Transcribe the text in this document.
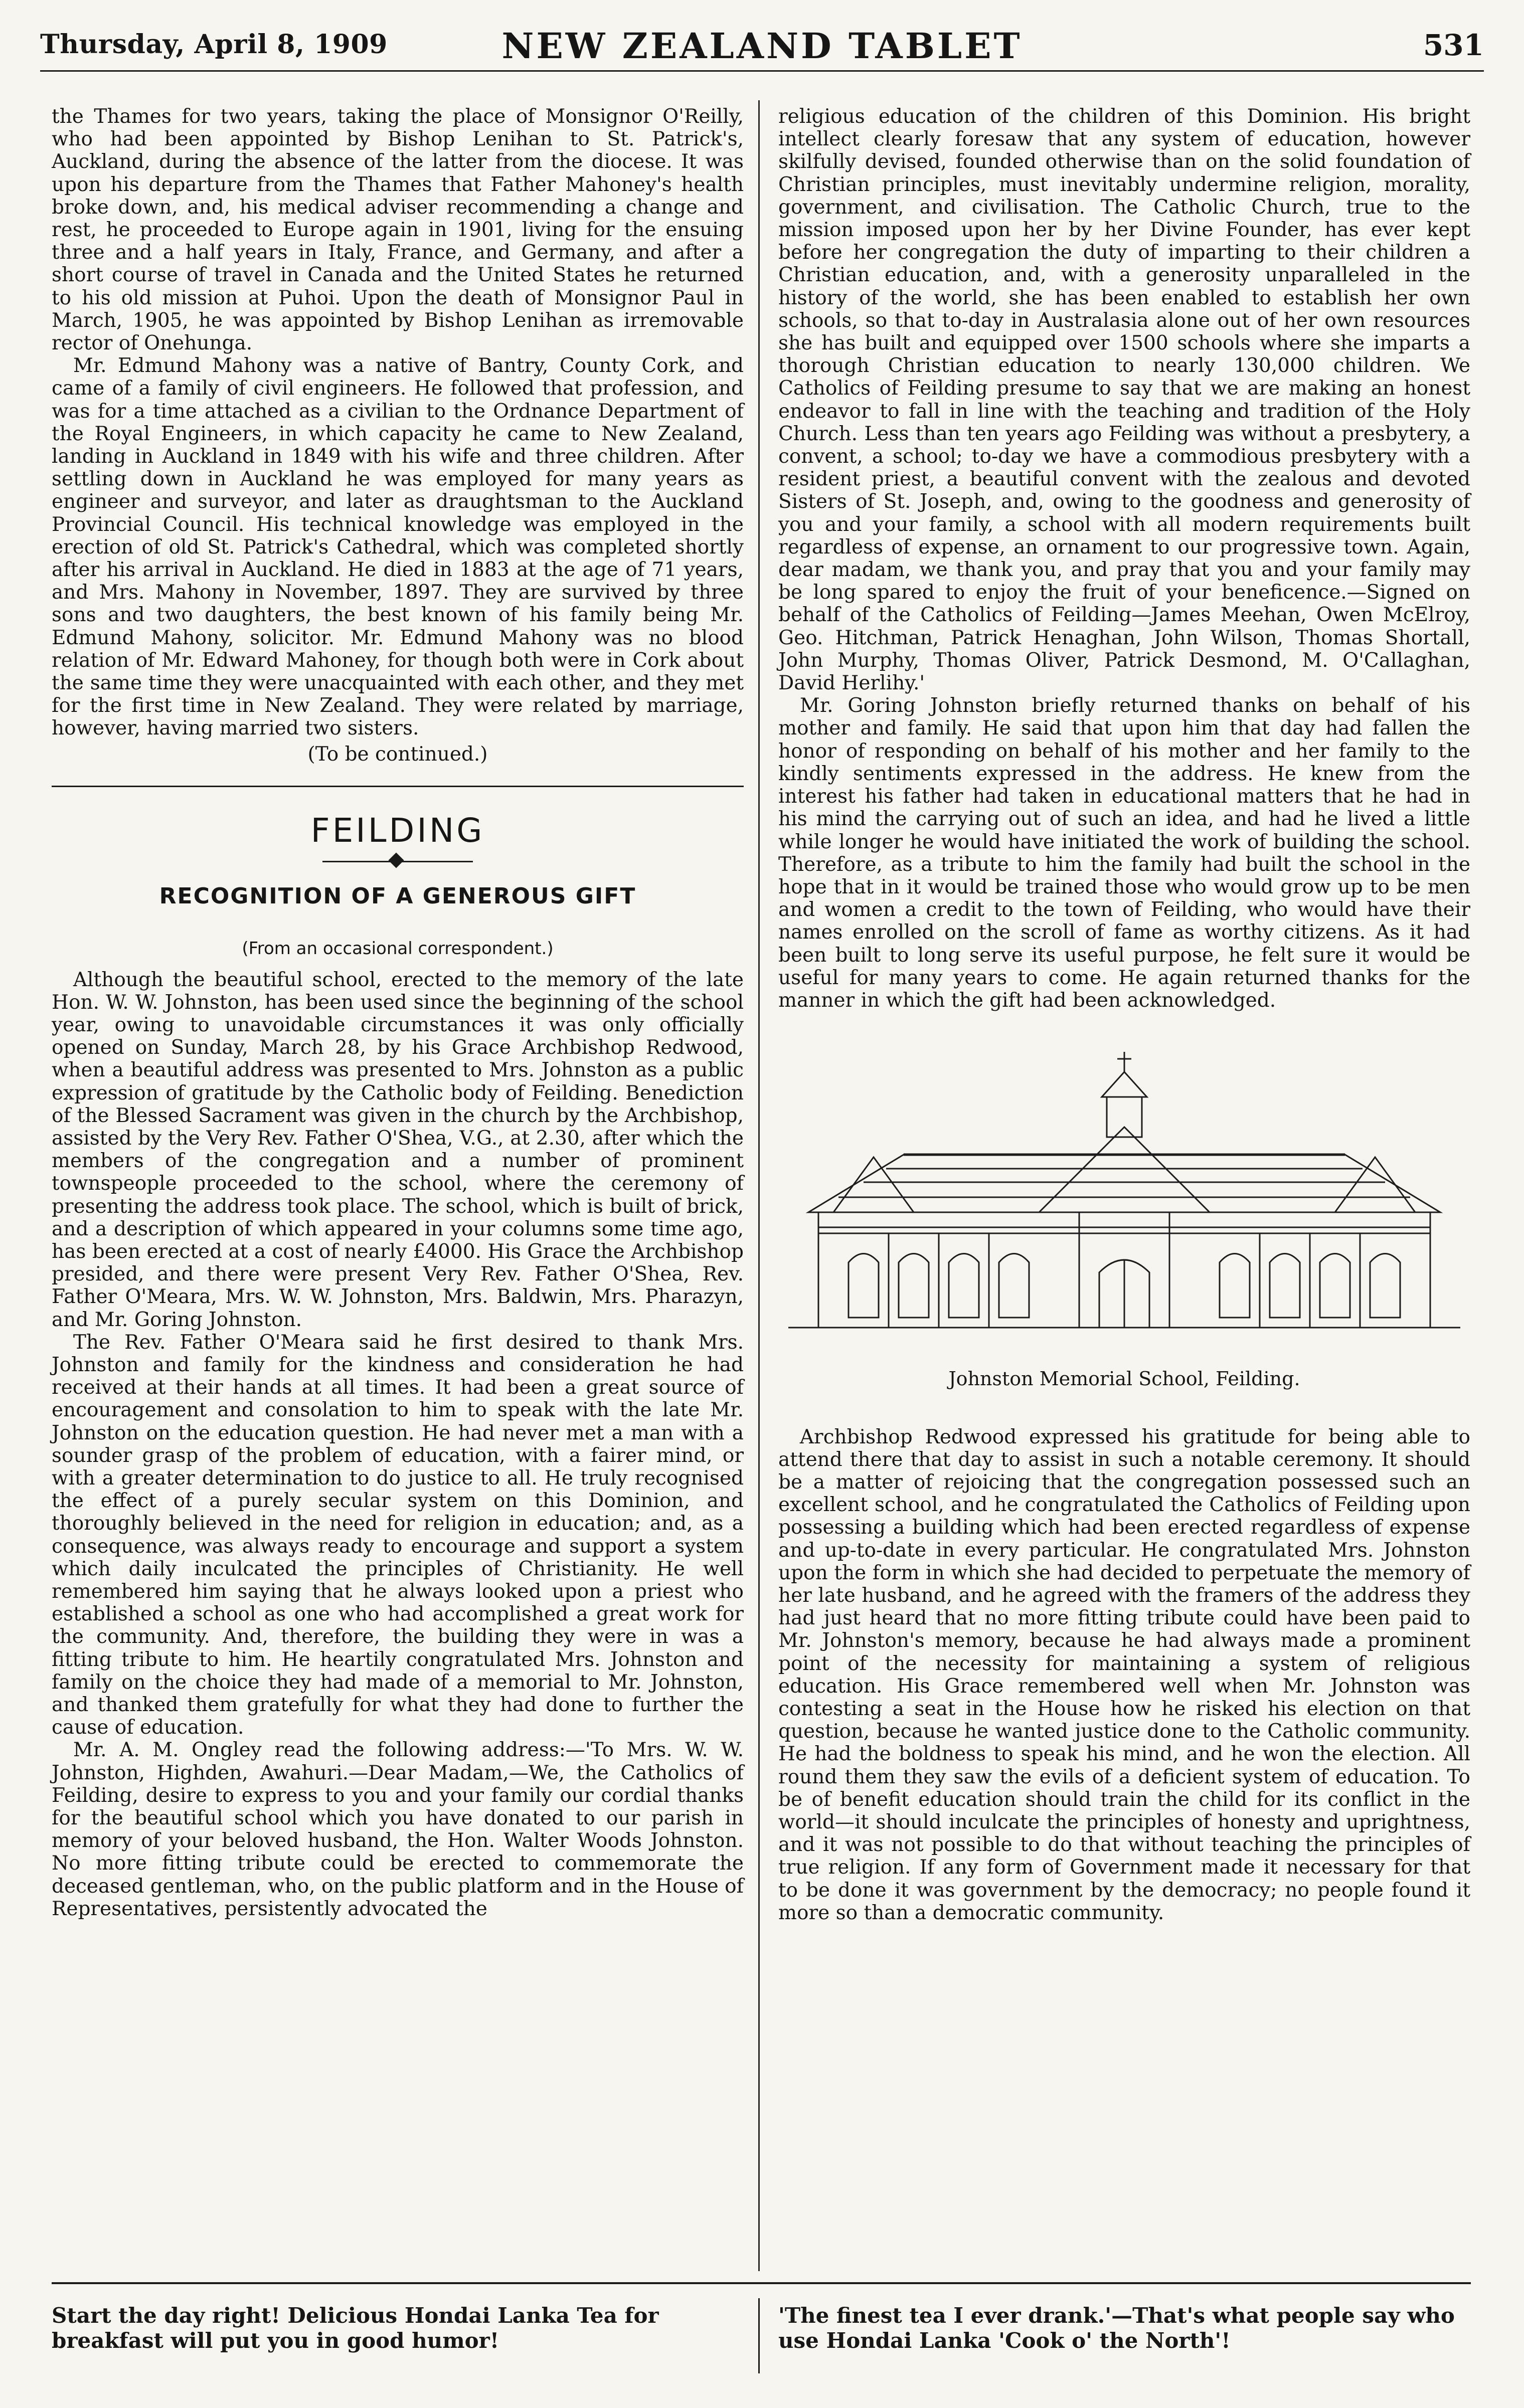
Thursday, April 8, 1909	NEW ZEALAND TABLET	531

the Thames for two years, taking the place of Monsignor O'Reilly, who had been appointed by Bishop Lenihan to St. Patrick's, Auckland, during the absence of the latter from the diocese. It was upon his departure from the Thames that Father Mahoney's health broke down, and, his medical adviser recommending a change and rest, he proceeded to Europe again in 1901, living for the ensuing three and a half years in Italy, France, and Germany, and after a short course of travel in Canada and the United States he returned to his old mission at Puhoi. Upon the death of Monsignor Paul in March, 1905, he was appointed by Bishop Lenihan as irremovable rector of Onehunga.

Mr. Edmund Mahony was a native of Bantry, County Cork, and came of a family of civil engineers. He followed that profession, and was for a time attached as a civilian to the Ordnance Department of the Royal Engineers, in which capacity he came to New Zealand, landing in Auckland in 1849 with his wife and three children. After settling down in Auckland he was employed for many years as engineer and surveyor, and later as draughtsman to the Auckland Provincial Council. His technical knowledge was employed in the erection of old St. Patrick's Cathedral, which was completed shortly after his arrival in Auckland. He died in 1883 at the age of 71 years, and Mrs. Mahony in November, 1897. They are survived by three sons and two daughters, the best known of his family being Mr. Edmund Mahony, solicitor. Mr. Edmund Mahony was no blood relation of Mr. Edward Mahoney, for though both were in Cork about the same time they were unacquainted with each other, and they met for the first time in New Zealand. They were related by marriage, however, having married two sisters.

(To be continued.)

FEILDING
RECOGNITION OF A GENEROUS GIFT
(From an occasional correspondent.)

Although the beautiful school, erected to the memory of the late Hon. W. W. Johnston, has been used since the beginning of the school year, owing to unavoidable circumstances it was only officially opened on Sunday, March 28, by his Grace Archbishop Redwood, when a beautiful address was presented to Mrs. Johnston as a public expression of gratitude by the Catholic body of Feilding. Benediction of the Blessed Sacrament was given in the church by the Archbishop, assisted by the Very Rev. Father O'Shea, V.G., at 2.30, after which the members of the congregation and a number of prominent townspeople proceeded to the school, where the ceremony of presenting the address took place. The school, which is built of brick, and a description of which appeared in your columns some time ago, has been erected at a cost of nearly £4000. His Grace the Archbishop presided, and there were present Very Rev. Father O'Shea, Rev. Father O'Meara, Mrs. W. W. Johnston, Mrs. Baldwin, Mrs. Pharazyn, and Mr. Goring Johnston.

The Rev. Father O'Meara said he first desired to thank Mrs. Johnston and family for the kindness and consideration he had received at their hands at all times. It had been a great source of encouragement and consolation to him to speak with the late Mr. Johnston on the education question. He had never met a man with a sounder grasp of the problem of education, with a fairer mind, or with a greater determination to do justice to all. He truly recognised the effect of a purely secular system on this Dominion, and thoroughly believed in the need for religion in education; and, as a consequence, was always ready to encourage and support a system which daily inculcated the principles of Christianity. He well remembered him saying that he always looked upon a priest who established a school as one who had accomplished a great work for the community. And, therefore, the building they were in was a fitting tribute to him. He heartily congratulated Mrs. Johnston and family on the choice they had made of a memorial to Mr. Johnston, and thanked them gratefully for what they had done to further the cause of education.

Mr. A. M. Ongley read the following address:—'To Mrs. W. W. Johnston, Highden, Awahuri.—Dear Madam,—We, the Catholics of Feilding, desire to express to you and your family our cordial thanks for the beautiful school which you have donated to our parish in memory of your beloved husband, the Hon. Walter Woods Johnston. No more fitting tribute could be erected to commemorate the deceased gentleman, who, on the public platform and in the House of Representatives, persistently advocated the

religious education of the children of this Dominion. His bright intellect clearly foresaw that any system of education, however skilfully devised, founded otherwise than on the solid foundation of Christian principles, must inevitably undermine religion, morality, government, and civilisation. The Catholic Church, true to the mission imposed upon her by her Divine Founder, has ever kept before her congregation the duty of imparting to their children a Christian education, and, with a generosity unparalleled in the history of the world, she has been enabled to establish her own schools, so that to-day in Australasia alone out of her own resources she has built and equipped over 1500 schools where she imparts a thorough Christian education to nearly 130,000 children. We Catholics of Feilding presume to say that we are making an honest endeavor to fall in line with the teaching and tradition of the Holy Church. Less than ten years ago Feilding was without a presbytery, a convent, a school; to-day we have a commodious presbytery with a resident priest, a beautiful convent with the zealous and devoted Sisters of St. Joseph, and, owing to the goodness and generosity of you and your family, a school with all modern requirements built regardless of expense, an ornament to our progressive town. Again, dear madam, we thank you, and pray that you and your family may be long spared to enjoy the fruit of your beneficence.—Signed on behalf of the Catholics of Feilding—James Meehan, Owen McElroy, Geo. Hitchman, Patrick Henaghan, John Wilson, Thomas Shortall, John Murphy, Thomas Oliver, Patrick Desmond, M. O'Callaghan, David Herlihy.'

Mr. Goring Johnston briefly returned thanks on behalf of his mother and family. He said that upon him that day had fallen the honor of responding on behalf of his mother and her family to the kindly sentiments expressed in the address. He knew from the interest his father had taken in educational matters that he had in his mind the carrying out of such an idea, and had he lived a little while longer he would have initiated the work of building the school. Therefore, as a tribute to him the family had built the school in the hope that in it would be trained those who would grow up to be men and women a credit to the town of Feilding, who would have their names enrolled on the scroll of fame as worthy citizens. As it had been built to long serve its useful purpose, he felt sure it would be useful for many years to come. He again returned thanks for the manner in which the gift had been acknowledged.

Johnston Memorial School, Feilding.

Archbishop Redwood expressed his gratitude for being able to attend there that day to assist in such a notable ceremony. It should be a matter of rejoicing that the congregation possessed such an excellent school, and he congratulated the Catholics of Feilding upon possessing a building which had been erected regardless of expense and up-to-date in every particular. He congratulated Mrs. Johnston upon the form in which she had decided to perpetuate the memory of her late husband, and he agreed with the framers of the address they had just heard that no more fitting tribute could have been paid to Mr. Johnston's memory, because he had always made a prominent point of the necessity for maintaining a system of religious education. His Grace remembered well when Mr. Johnston was contesting a seat in the House how he risked his election on that question, because he wanted justice done to the Catholic community. He had the boldness to speak his mind, and he won the election. All round them they saw the evils of a deficient system of education. To be of benefit education should train the child for its conflict in the world—it should inculcate the principles of honesty and uprightness, and it was not possible to do that without teaching the principles of true religion. If any form of Government made it necessary for that to be done it was government by the democracy; no people found it more so than a democratic community.

Start the day right! Delicious Hondai Lanka Tea for breakfast will put you in good humor!
'The finest tea I ever drank.'—That's what people say who use Hondai Lanka 'Cook o' the North'!
